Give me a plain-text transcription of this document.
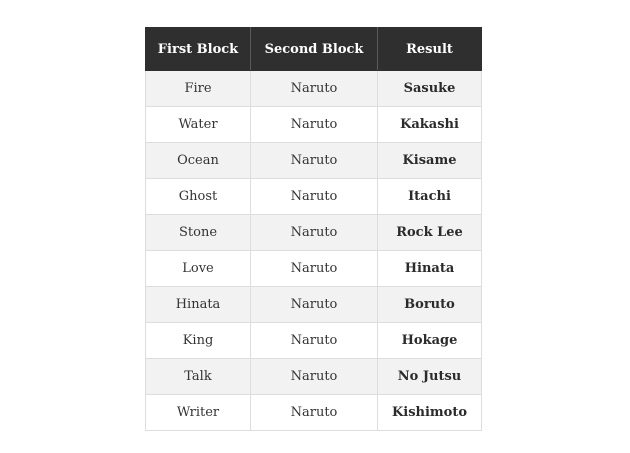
First Block	Second Block	Result
Fire	Naruto	Sasuke
Water	Naruto	Kakashi
Ocean	Naruto	Kisame
Ghost	Naruto	Itachi
Stone	Naruto	Rock Lee
Love	Naruto	Hinata
Hinata	Naruto	Boruto
King	Naruto	Hokage
Talk	Naruto	No Jutsu
Writer	Naruto	Kishimoto
